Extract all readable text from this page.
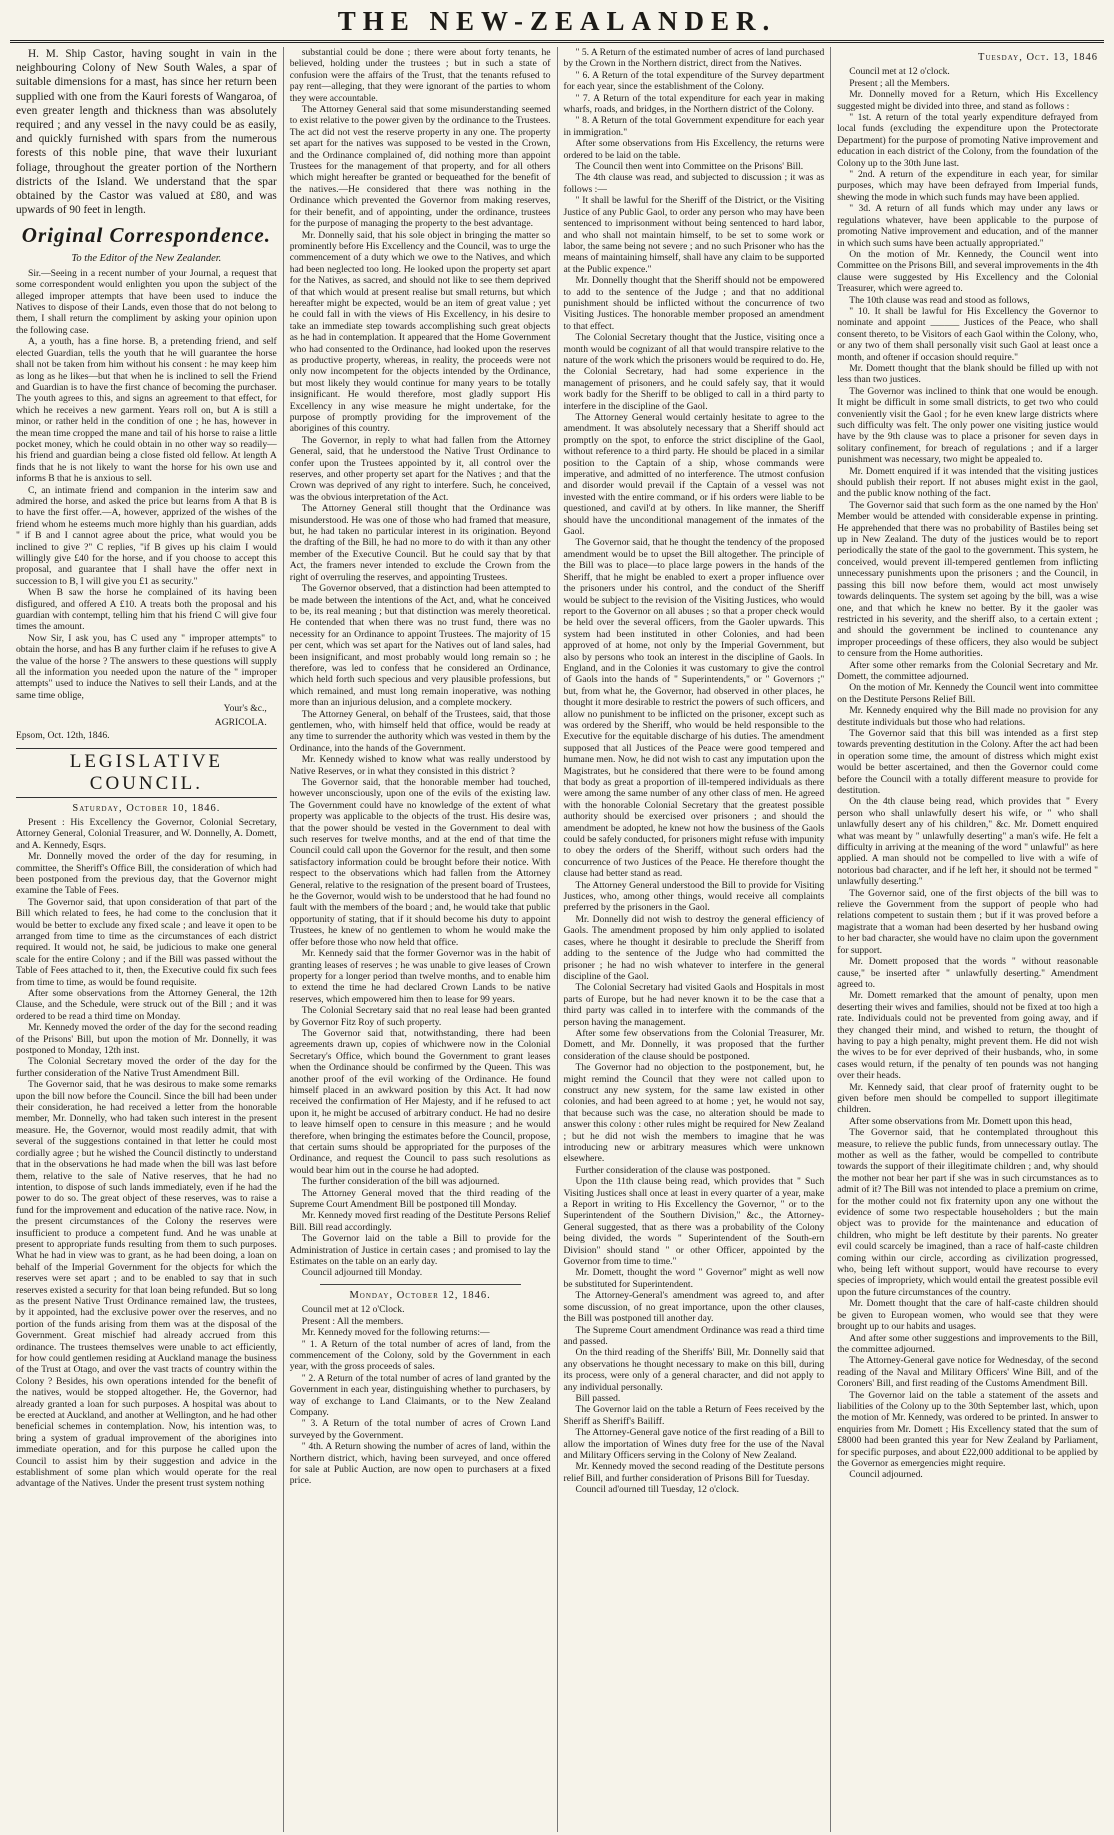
THE NEW-ZEALANDER.

H. M. Ship Castor, having sought in vain in the neighbouring Colony of New South Wales, a spar of suitable dimensions for a mast, has since her return been supplied with one from the Kauri forests of Wangaroa, of even greater length and thickness than was absolutely required ; and any vessel in the navy could be as easily, and quickly furnished with spars from the numerous forests of this noble pine, that wave their luxuriant foliage, throughout the greater portion of the Northern districts of the Island. We understand that the spar obtained by the Castor was valued at £80, and was upwards of 90 feet in length.

Original Correspondence.
To the Editor of the New Zealander.

Sir.—Seeing in a recent number of your Journal, a request that some correspondent would enlighten you upon the subject of the alleged improper attempts that have been used to induce the Natives to dispose of their Lands, even those that do not belong to them, I shall return the compliment by asking your opinion upon the following case.

A, a youth, has a fine horse. B, a pretending friend, and self elected Guardian, tells the youth that he will guarantee the horse shall not be taken from him without his consent : he may keep him as long as he likes—but that when he is inclined to sell the Friend and Guardian is to have the first chance of becoming the purchaser. The youth agrees to this, and signs an agreement to that effect, for which he receives a new garment. Years roll on, but A is still a minor, or rather held in the condition of one ; he has, however in the mean time cropped the mane and tail of his horse to raise a little pocket money, which he could obtain in no other way so readily—his friend and guardian being a close fisted old fellow. At length A finds that he is not likely to want the horse for his own use and informs B that he is anxious to sell.

C, an intimate friend and companion in the interim saw and admired the horse, and asked the price but learns from A that B is to have the first offer.—A, however, apprized of the wishes of the friend whom he esteems much more highly than his guardian, adds " if B and I cannot agree about the price, what would you be inclined to give ?" C replies, "if B gives up his claim I would willingly give £40 for the horse, and if you choose to accept this proposal, and guarantee that I shall have the offer next in succession to B, I will give you £1 as security."

When B saw the horse he complained of its having been disfigured, and offered A £10. A treats both the proposal and his guardian with contempt, telling him that his friend C will give four times the amount.

Now Sir, I ask you, has C used any " improper attempts" to obtain the horse, and has B any further claim if he refuses to give A the value of the horse ? The answers to these questions will supply all the information you needed upon the nature of the " improper attempts" used to induce the Natives to sell their Lands, and at the same time oblige,

Your's &c.,
AGRICOLA.
Epsom, Oct. 12th, 1846.
LEGISLATIVE COUNCIL.
Saturday, October 10, 1846.

Present : His Excellency the Governor, Colonial Secretary, Attorney General, Colonial Treasurer, and W. Donnelly, A. Domett, and A. Kennedy, Esqrs.

Mr. Donnelly moved the order of the day for resuming, in committee, the Sheriff's Office Bill, the consideration of which had been postponed from the previous day, that the Governor might examine the Table of Fees.

The Governor said, that upon consideration of that part of the Bill which related to fees, he had come to the conclusion that it would be better to exclude any fixed scale ; and leave it open to be arranged from time to time as the circumstances of each district required. It would not, he said, be judicious to make one general scale for the entire Colony ; and if the Bill was passed without the Table of Fees attached to it, then, the Executive could fix such fees from time to time, as would be found requisite.

After some observations from the Attorney General, the 12th Clause, and the Schedule, were struck out of the Bill ; and it was ordered to be read a third time on Monday.

Mr. Kennedy moved the order of the day for the second reading of the Prisons' Bill, but upon the motion of Mr. Donnelly, it was postponed to Monday, 12th inst.

The Colonial Secretary moved the order of the day for the further consideration of the Native Trust Amendment Bill.

The Governor said, that he was desirous to make some remarks upon the bill now before the Council. Since the bill had been under their consideration, he had received a letter from the honorable member, Mr. Donnelly, who had taken such interest in the present measure. He, the Governor, would most readily admit, that with several of the suggestions contained in that letter he could most cordially agree ; but he wished the Council distinctly to understand that in the observations he had made when the bill was last before them, relative to the sale of Native reserves, that he had no intention, to dispose of such lands immediately, even if he had the power to do so. The great object of these reserves, was to raise a fund for the improvement and education of the native race. Now, in the present circumstances of the Colony the reserves were insufficient to produce a competent fund. And he was unable at present to appropriate funds resulting from them to such purposes. What he had in view was to grant, as he had been doing, a loan on behalf of the Imperial Government for the objects for which the reserves were set apart ; and to be enabled to say that in such reserves existed a security for that loan being refunded. But so long as the present Native Trust Ordinance remained law, the trustees, by it appointed, had the exclusive power over the reserves, and no portion of the funds arising from them was at the disposal of the Government. Great mischief had already accrued from this ordinance. The trustees themselves were unable to act efficiently, for how could gentlemen residing at Auckland manage the business of the Trust at Otago, and over the vast tracts of country within the Colony ? Besides, his own operations intended for the benefit of the natives, would be stopped altogether. He, the Governor, had already granted a loan for such purposes. A hospital was about to be erected at Auckland, and another at Wellington, and he had other beneficial schemes in contemplation. Now, his intention was, to bring a system of gradual improvement of the aborigines into immediate operation, and for this purpose he called upon the Council to assist him by their suggestion and advice in the establishment of some plan which would operate for the real advantage of the Natives. Under the present trust system nothing

substantial could be done ; there were about forty tenants, he believed, holding under the trustees ; but in such a state of confusion were the affairs of the Trust, that the tenants refused to pay rent—alleging, that they were ignorant of the parties to whom they were accountable.

The Attorney General said that some misunderstanding seemed to exist relative to the power given by the ordinance to the Trustees. The act did not vest the reserve property in any one. The property set apart for the natives was supposed to be vested in the Crown, and the Ordinance complained of, did nothing more than appoint Trustees for the management of that property, and for all others which might hereafter be granted or bequeathed for the benefit of the natives.—He considered that there was nothing in the Ordinance which prevented the Governor from making reserves, for their benefit, and of appointing, under the ordinance, trustees for the purpose of managing the property to the best advantage.

Mr. Donnelly said, that his sole object in bringing the matter so prominently before His Excellency and the Council, was to urge the commencement of a duty which we owe to the Natives, and which had been neglected too long. He looked upon the property set apart for the Natives, as sacred, and should not like to see them deprived of that which would at present realise but small returns, but which hereafter might be expected, would be an item of great value ; yet he could fall in with the views of His Excellency, in his desire to take an immediate step towards accomplishing such great objects as he had in contemplation. It appeared that the Home Government who had consented to the Ordinance, had looked upon the reserves as productive property, whereas, in reality, the proceeds were not only now incompetent for the objects intended by the Ordinance, but most likely they would continue for many years to be totally insignificant. He would therefore, most gladly support His Excellency in any wise measure he might undertake, for the purpose of promptly providing for the improvement of the aborigines of this country.

The Governor, in reply to what had fallen from the Attorney General, said, that he understood the Native Trust Ordinance to confer upon the Trustees appointed by it, all control over the reserves, and other property set apart for the Natives ; and that the Crown was deprived of any right to interfere. Such, he conceived, was the obvious interpretation of the Act.

The Attorney General still thought that the Ordinance was misunderstood. He was one of those who had framed that measure, but, he had taken no particular interest in its origination. Beyond the drafting of the Bill, he had no more to do with it than any other member of the Executive Council. But he could say that by that Act, the framers never intended to exclude the Crown from the right of overruling the reserves, and appointing Trustees.

The Governor observed, that a distinction had been attempted to be made between the intentions of the Act, and, what he conceived to be, its real meaning ; but that distinction was merely theoretical. He contended that when there was no trust fund, there was no necessity for an Ordinance to appoint Trustees. The majority of 15 per cent, which was set apart for the Natives out of land sales, had been insignificant, and most probably would long remain so ; he therefore, was led to confess that he considered an Ordinance, which held forth such specious and very plausible professions, but which remained, and must long remain inoperative, was nothing more than an injurious delusion, and a complete mockery.

The Attorney General, on behalf of the Trustees, said, that those gentlemen, who, with himself held that office, would be ready at any time to surrender the authority which was vested in them by the Ordinance, into the hands of the Government.

Mr. Kennedy wished to know what was really understood by Native Reserves, or in what they consisted in this district ?

The Governor said, that the honorable member had touched, however unconsciously, upon one of the evils of the existing law. The Government could have no knowledge of the extent of what property was applicable to the objects of the trust. His desire was, that the power should be vested in the Government to deal with such reserves for twelve months, and at the end of that time the Council could call upon the Governor for the result, and then some satisfactory information could be brought before their notice. With respect to the observations which had fallen from the Attorney General, relative to the resignation of the present board of Trustees, he the Governor, would wish to be understood that he had found no fault with the members of the board ; and, he would take that public opportunity of stating, that if it should become his duty to appoint Trustees, he knew of no gentlemen to whom he would make the offer before those who now held that office.

Mr. Kennedy said that the former Governor was in the habit of granting leases of reserves ; he was unable to give leases of Crown property for a longer period than twelve months, and to enable him to extend the time he had declared Crown Lands to be native reserves, which empowered him then to lease for 99 years.

The Colonial Secretary said that no real lease had been granted by Governor Fitz Roy of such property.

The Governor said that, notwithstanding, there had been agreements drawn up, copies of whichwere now in the Colonial Secretary's Office, which bound the Government to grant leases when the Ordinance should be confirmed by the Queen. This was another proof of the evil working of the Ordinance. He found himself placed in an awkward position by this Act. It had now received the confirmation of Her Majesty, and if he refused to act upon it, he might be accused of arbitrary conduct. He had no desire to leave himself open to censure in this measure ; and he would therefore, when bringing the estimates before the Council, propose, that certain sums should be appropriated for the purposes of the Ordinance, and request the Council to pass such resolutions as would bear him out in the course he had adopted.

The further consideration of the bill was adjourned.

The Attorney General moved that the third reading of the Supreme Court Amendment Bill be postponed till Monday.

Mr. Kennedy moved first reading of the Destitute Persons Relief Bill. Bill read accordingly.

The Governor laid on the table a Bill to provide for the Administration of Justice in certain cases ; and promised to lay the Estimates on the table on an early day.

Council adjourned till Monday.

Monday, October 12, 1846.

Council met at 12 o'Clock.

Present : All the members.

Mr. Kennedy moved for the following returns:—

" 1. A Return of the total number of acres of land, from the commencement of the Colony, sold by the Government in each year, with the gross proceeds of sales.

" 2. A Return of the total number of acres of land granted by the Government in each year, distinguishing whether to purchasers, by way of exchange to Land Claimants, or to the New Zealand Company.

" 3. A Return of the total number of acres of Crown Land surveyed by the Government.

" 4th. A Return showing the number of acres of land, within the Northern district, which, having been surveyed, and once offered for sale at Public Auction, are now open to purchasers at a fixed price.

" 5. A Return of the estimated number of acres of land purchased by the Crown in the Northern district, direct from the Natives.

" 6. A Return of the total expenditure of the Survey department for each year, since the establishment of the Colony.

" 7. A Return of the total expenditure for each year in making wharfs, roads, and bridges, in the Northern district of the Colony.

" 8. A Return of the total Government expenditure for each year in immigration."

After some observations from His Excellency, the returns were ordered to be laid on the table.

The Council then went into Committee on the Prisons' Bill.

The 4th clause was read, and subjected to discussion ; it was as follows :—

" It shall be lawful for the Sheriff of the District, or the Visiting Justice of any Public Gaol, to order any person who may have been sentenced to imprisonment without being sentenced to hard labor, and who shall not maintain himself, to be set to some work or labor, the same being not severe ; and no such Prisoner who has the means of maintaining himself, shall have any claim to be supported at the Public expence."

Mr. Donnelly thought that the Sheriff should not be empowered to add to the sentence of the Judge ; and that no additional punishment should be inflicted without the concurrence of two Visiting Justices. The honorable member proposed an amendment to that effect.

The Colonial Secretary thought that the Justice, visiting once a month would be cognizant of all that would transpire relative to the nature of the work which the prisoners would be required to do. He, the Colonial Secretary, had had some experience in the management of prisoners, and he could safely say, that it would work badly for the Sheriff to be obliged to call in a third party to interfere in the discipline of the Gaol.

The Attorney General would certainly hesitate to agree to the amendment. It was absolutely necessary that a Sheriff should act promptly on the spot, to enforce the strict discipline of the Gaol, without reference to a third party. He should be placed in a similar position to the Captain of a ship, whose commands were imperative, and admitted of no interference. The utmost confusion and disorder would prevail if the Captain of a vessel was not invested with the entire command, or if his orders were liable to be questioned, and cavil'd at by others. In like manner, the Sheriff should have the unconditional management of the inmates of the Gaol.

The Governor said, that he thought the tendency of the proposed amendment would be to upset the Bill altogether. The principle of the Bill was to place—to place large powers in the hands of the Sheriff, that he might be enabled to exert a proper influence over the prisoners under his control, and the conduct of the Sheriff would be subject to the revision of the Visiting Justices, who would report to the Governor on all abuses ; so that a proper check would be held over the several officers, from the Gaoler upwards. This system had been instituted in other Colonies, and had been approved of at home, not only by the Imperial Government, but also by persons who took an interest in the discipline of Gaols. In England, and in the Colonies it was customary to give the control of Gaols into the hands of " Superintendents," or " Governors ;" but, from what he, the Governor, had observed in other places, he thought it more desirable to restrict the powers of such officers, and allow no punishment to be inflicted on the prisoner, except such as was ordered by the Sheriff, who would be held responsible to the Executive for the equitable discharge of his duties. The amendment supposed that all Justices of the Peace were good tempered and humane men. Now, he did not wish to cast any imputation upon the Magistrates, but he considered that there were to be found among that body as great a proportion of ill-tempered individuals as there were among the same number of any other class of men. He agreed with the honorable Colonial Secretary that the greatest possible authority should be exercised over prisoners ; and should the amendment be adopted, he knew not how the business of the Gaols could be safely conducted, for prisoners might refuse with impunity to obey the orders of the Sheriff, without such orders had the concurrence of two Justices of the Peace. He therefore thought the clause had better stand as read.

The Attorney General understood the Bill to provide for Visiting Justices, who, among other things, would receive all complaints preferred by the prisoners in the Gaol.

Mr. Donnelly did not wish to destroy the general efficiency of Gaols. The amendment proposed by him only applied to isolated cases, where he thought it desirable to preclude the Sheriff from adding to the sentence of the Judge who had committed the prisoner ; he had no wish whatever to interfere in the general discipline of the Gaol.

The Colonial Secretary had visited Gaols and Hospitals in most parts of Europe, but he had never known it to be the case that a third party was called in to interfere with the commands of the person having the management.

After some few observations from the Colonial Treasurer, Mr. Domett, and Mr. Donnelly, it was proposed that the further consideration of the clause should be postponed.

The Governor had no objection to the postponement, but, he might remind the Council that they were not called upon to construct any new system, for the same law existed in other colonies, and had been agreed to at home ; yet, he would not say, that because such was the case, no alteration should be made to answer this colony : other rules might be required for New Zealand ; but he did not wish the members to imagine that he was introducing new or arbitrary measures which were unknown elsewhere.

Further consideration of the clause was postponed.

Upon the 11th clause being read, which provides that " Such Visiting Justices shall once at least in every quarter of a year, make a Report in writing to His Excellency the Governor, " or to the Superintendent of the Southern Division," &c., the Attorney-General suggested, that as there was a probability of the Colony being divided, the words " Superintendent of the South-ern Division" should stand " or other Officer, appointed by the Governor from time to time."

Mr. Domett, thought the word " Governor" might as well now be substituted for Superintendent.

The Attorney-General's amendment was agreed to, and after some discussion, of no great importance, upon the other clauses, the Bill was postponed till another day.

The Supreme Court amendment Ordinance was read a third time and passed.

On the third reading of the Sheriffs' Bill, Mr. Donnelly said that any observations he thought necessary to make on this bill, during its process, were only of a general character, and did not apply to any individual personally.

Bill passed.

The Governor laid on the table a Return of Fees received by the Sheriff as Sheriff's Bailiff.

The Attorney-General gave notice of the first reading of a Bill to allow the importation of Wines duty free for the use of the Naval and Military Officers serving in the Colony of New Zealand.

Mr. Kennedy moved the second reading of the Destitute persons relief Bill, and further consideration of Prisons Bill for Tuesday.

Council ad'ourned till Tuesday, 12 o'clock.

Tuesday, Oct. 13, 1846

Council met at 12 o'clock.

Present ; all the Members.

Mr. Donnelly moved for a Return, which His Excellency suggested might be divided into three, and stand as follows :

" 1st. A return of the total yearly expenditure defrayed from local funds (excluding the expenditure upon the Protectorate Department) for the purpose of promoting Native improvement and education in each district of the Colony, from the foundation of the Colony up to the 30th June last.

" 2nd. A return of the expenditure in each year, for similar purposes, which may have been defrayed from Imperial funds, shewing the mode in which such funds may have been applied.

" 3d. A return of all funds which may under any laws or regulations whatever, have been applicable to the purpose of promoting Native improvement and education, and of the manner in which such sums have been actually appropriated."

On the motion of Mr. Kennedy, the Council went into Committee on the Prisons Bill, and several improvements in the 4th clause were suggested by His Excellency and the Colonial Treasurer, which were agreed to.

The 10th clause was read and stood as follows,

" 10. It shall be lawful for His Excellency the Governor to nominate and appoint ______ Justices of the Peace, who shall consent thereto, to be Visitors of each Gaol within the Colony, who, or any two of them shall personally visit such Gaol at least once a month, and oftener if occasion should require."

Mr. Domett thought that the blank should be filled up with not less than two justices.

The Governor was inclined to think that one would be enough. It might be difficult in some small districts, to get two who could conveniently visit the Gaol ; for he even knew large districts where such difficulty was felt. The only power one visiting justice would have by the 9th clause was to place a prisoner for seven days in solitary confinement, for breach of regulations ; and if a larger punishment was necessary, two might be appealed to.

Mr. Domett enquired if it was intended that the visiting justices should publish their report. If not abuses might exist in the gaol, and the public know nothing of the fact.

The Governor said that such form as the one named by the Hon' Member would be attended with considerable expense in printing. He apprehended that there was no probability of Bastiles being set up in New Zealand. The duty of the justices would be to report periodically the state of the gaol to the government. This system, he conceived, would prevent ill-tempered gentlemen from inflicting unnecessary punishments upon the prisoners ; and the Council, in passing this bill now before them, would act most unwisely towards delinquents. The system set agoing by the bill, was a wise one, and that which he knew no better. By it the gaoler was restricted in his severity, and the sheriff also, to a certain extent ; and should the government be inclined to countenance any improper proceedings of these officers, they also would be subject to censure from the Home authorities.

After some other remarks from the Colonial Secretary and Mr. Domett, the committee adjourned.

On the motion of Mr. Kennedy the Council went into committee on the Destitute Persons Relief Bill.

Mr. Kennedy enquired why the Bill made no provision for any destitute individuals but those who had relations.

The Governor said that this bill was intended as a first step towards preventing destitution in the Colony. After the act had been in operation some time, the amount of distress which might exist would be better ascertained, and then the Governor could come before the Council with a totally different measure to provide for destitution.

On the 4th clause being read, which provides that " Every person who shall unlawfully desert his wife, or " who shall unlawfully desert any of his children," &c. Mr. Domett enquired what was meant by " unlawfully deserting" a man's wife. He felt a difficulty in arriving at the meaning of the word " unlawful" as here applied. A man should not be compelled to live with a wife of notorious bad character, and if he left her, it should not be termed " unlawfully deserting."

The Governor said, one of the first objects of the bill was to relieve the Government from the support of people who had relations competent to sustain them ; but if it was proved before a magistrate that a woman had been deserted by her husband owing to her bad character, she would have no claim upon the government for support.

Mr. Domett proposed that the words " without reasonable cause," be inserted after " unlawfully deserting." Amendment agreed to.

Mr. Domett remarked that the amount of penalty, upon men deserting their wives and families, should not be fixed at too high a rate. Individuals could not be prevented from going away, and if they changed their mind, and wished to return, the thought of having to pay a high penalty, might prevent them. He did not wish the wives to be for ever deprived of their husbands, who, in some cases would return, if the penalty of ten pounds was not hanging over their heads.

Mr. Kennedy said, that clear proof of fraternity ought to be given before men should be compelled to support illegitimate children.

After some observations from Mr. Domett upon this head,

The Governor said, that he contemplated throughout this measure, to relieve the public funds, from unnecessary outlay. The mother as well as the father, would be compelled to contribute towards the support of their illegitimate children ; and, why should the mother not bear her part if she was in such circumstances as to admit of it? The Bill was not intended to place a premium on crime, for the mother could not fix fraternity upon any one without the evidence of some two respectable householders ; but the main object was to provide for the maintenance and education of children, who might be left destitute by their parents. No greater evil could scarcely be imagined, than a race of half-caste children coming within our circle, according as civilization progressed, who, being left without support, would have recourse to every species of impropriety, which would entail the greatest possible evil upon the future circumstances of the country.

Mr. Domett thought that the care of half-caste children should be given to European women, who would see that they were brought up to our habits and usages.

And after some other suggestions and improvements to the Bill, the committee adjourned.

The Attorney-General gave notice for Wednesday, of the second reading of the Naval and Military Officers' Wine Bill, and of the Coroners' Bill, and first reading of the Customs Amendment Bill.

The Governor laid on the table a statement of the assets and liabilities of the Colony up to the 30th September last, which, upon the motion of Mr. Kennedy, was ordered to be printed. In answer to enquiries from Mr. Domett ; His Excellency stated that the sum of £8000 had been granted this year for New Zealand by Parliament, for specific purposes, and about £22,000 additional to be applied by the Governor as emergencies might require.

Council adjourned.
